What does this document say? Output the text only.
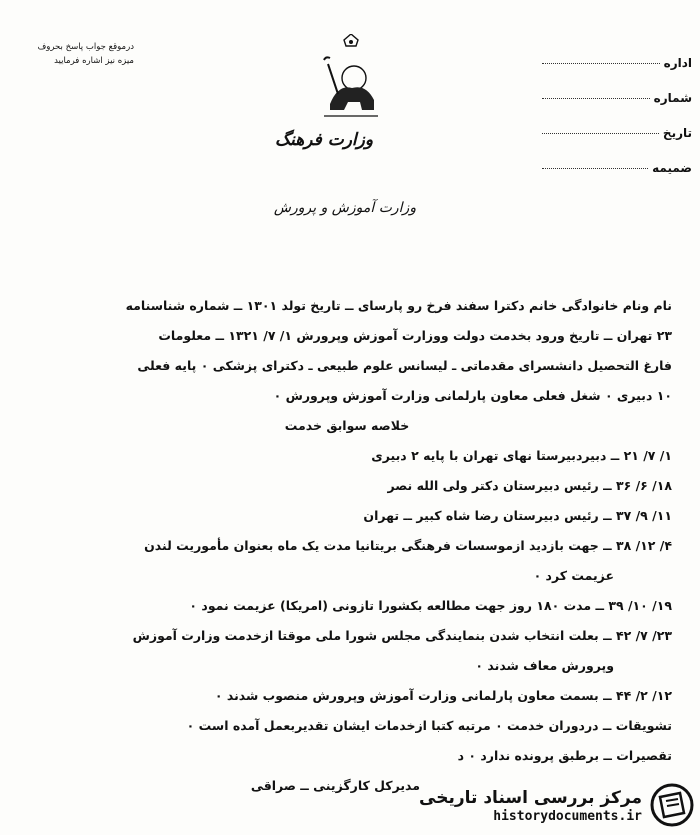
درموقع جواب پاسخ بحروف
میزه نیز اشاره فرمایید
وزارت فرهنگ
وزارت آموزش و پرورش
اداره
شماره
تاریخ
ضمیمه

نام ونام خانوادگی خانم دکترا سفند فرخ رو پارسای ــ تاریخ تولد ۱۳۰۱ ــ شماره شناسنامه

۲۳ تهران ــ تاریخ ورود بخدمت دولت ووزارت آموزش وپرورش ۱/ ۷/ ۱۳۲۱ ــ معلومات

فارغ التحصیل دانشسرای مقدماتی ـ لیسانس علوم طبیعی ـ دکترای پزشکی ۰ پایه فعلی

۱۰ دبیری ۰ شغل فعلی معاون پارلمانی وزارت آموزش وپرورش ۰

خلاصه سوابق خدمت

۱/ ۷/ ۲۱ ــ دبیردبیرستا نهای تهران با پایه ۲ دبیری

۱۸/ ۶/ ۳۶ ــ رئیس دبیرستان دکتر ولی الله نصر

۱۱/ ۹/ ۳۷ ــ رئیس دبیرستان رضا شاه کبیر ــ تهران

۴/ ۱۲/ ۳۸ ــ جهت بازدید ازموسسات فرهنگی بریتانیا مدت یک ماه بعنوان مأموریت لندن

عزیمت کرد ۰

۱۹/ ۱۰/ ۳۹ ــ مدت ۱۸۰ روز جهت مطالعه بکشورا تازونی (امریکا) عزیمت نمود ۰

۲۳/ ۷/ ۴۲ ــ بعلت انتخاب شدن بنمایندگی مجلس شورا ملی موقتا ازخدمت وزارت آموزش

وپرورش معاف شدند ۰

۱۲/ ۲/ ۴۴ ــ بسمت معاون پارلمانی وزارت آموزش وپرورش منصوب شدند ۰

تشویقات ــ دردوران خدمت ۰ مرتبه کتبا ازخدمات ایشان تقدیربعمل آمده است ۰

تقصیرات ــ برطبق پرونده ندارد ۰ د

مدیرکل کارگزینی ــ صراقی
مرکز بررسی اسناد تاریخی
historydocuments.ir
